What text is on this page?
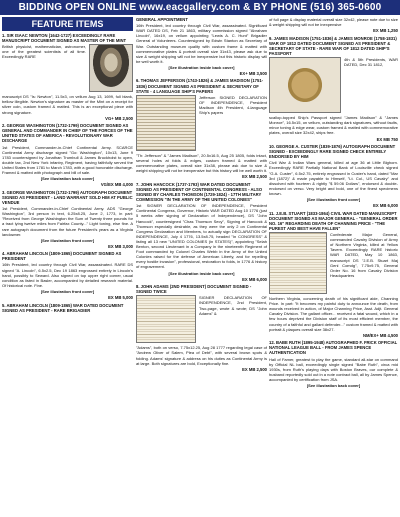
BIDDING OPEN ONLINE www.eacgallery.com & BY PHONE (516) 365-0600
FEATURE ITEMS
1. SIR ISAAC NEWTON (1642-1727) EXCEEDINGLY RARE MANUSCRIPT DOCUMENT SIGNED AS MASTER OF THE MINT
British physicist, mathematician, astronomer, one of the greatest scientists of all time. Exceedingly RARE
manuscript DS "Is: Newton", 11.5x3, on vellum Aug 13, 1699, full blank, bellow illegible. Newton's signature as master of the Mint on a receipt for silver coin, custom framed & matted. This is an exceptional piece with strong signature.
VG+ MB 2,500
2. GEORGE WASHINGTON (1732-1799) DOCUMENT SIGNED AS GENERAL AND COMMANDER IN CHIEF OF THE FORCES OF THE UNITED STATES OF AMERICA - REVOLUTIONARY WAR DISCHARGE
1st President, Commander-in-Chief Continental Army. SCARCE Continental Army discharge signed "Go: Washington", 10x13, June 9 1783 countersigned by Jonathan Trumbull & James Bruckholst to open, double tax, 2nd New York infantry, Regiment, having faithfully served the United States from 1781 to March 1783, with a good honorable discharge. Framed & matted with photograph and bill of sale.
[See illustration back cover]
VG/EX MB 4,000
3. GEORGE WASHINGTON (1732-1799) AUTOGRAPH DOCUMENT SIGNED AS PRESIDENT - LAND WARRANT SOLD HIM AT PUBLIC VENDUE
1st President, Commander-in-Chief Continental Army. ADS "George Washington", 3rd person in text, 6.25x8.25, June 2, 1773, in part: "Received from George Washington the Sum of Twenty three pounds for a tract lying twelve miles from Fairfax County..." Light toning, else fine. A rare autograph document from the future President's years as a Virginia landowner.
[See illustration front cover]
EX MB 3,000
4. ABRAHAM LINCOLN (1809-1865) DOCUMENT SIGNED AS PRESIDENT
16th President, led country through Civil War, assassinated. RARE DS signed "A. Lincoln", 6.5x2.5, Dec 19 1863 engrossed entirely in Lincoln's hand, possibly to Seward. Also signed on top upper right corner, usual condition as listed in Basler, accompanied by detailed research material. Of historical note. Fine.
[See illustration front cover]
EX MB 5,000
5. ABRAHAM LINCOLN (1809-1865) WAR DATED DOCUMENT SIGNED AS PRESIDENT - RARE BRIGADIER
GENERAL APPOINTMENT
16th President, led country through Civil War, assassinated. Significant WAR DATED DS, Feb 21 1863, military commission signed "Abraham Lincoln", 16x19, on vellum appointing "Lewis A. C. Hunt" Brigadier General of Volunteers. Countersigned by Edwin Stanton as Secretary of War. Outstanding museum quality with custom frame & matted with commemorative plates & portrait overall size 31x43, please ask due to size & weight shipping will not be inexpensive but this historic display will be well worth it.
[See illustration inside back cover]
EX+ MB 3,500
6. THOMAS JEFFERSON (1743-1826) & JAMES MADISON (1751-1836) DOCUMENT SIGNED AS PRESIDENT & SECRETARY OF STATE - 4 LANGUAGE SHIP'S PAPERS
Jefferson SIGNED DECLARATION OF INDEPENDENCE, President Madison 4th President, 4-language Ship's papers
"Th: Jefferson" & "James Madison", 20.5x16.5, Aug 25 1805, folds intact, several holes at folds & edges, custom framed & matted with commemorative plates, overall size 31x38, please ask due to size & weight shipping will not be inexpensive but this history will be well worth it.
EX MB 2,500
7. JOHN HANCOCK (1737-1793) WAR DATED DOCUMENT SIGNED AS PRESIDENT OF CONTINENTAL CONGRESS - ALSO SIGNED BY CHARLES THOMSON (1729-1824) - 17TH MILITARY COMMISSION "IN THE ARMY OF THE UNITED COLONIES"
1st SIGNER DECLARATION OF INDEPENDENCE, President Continental Congress, Governor, Historic WAR DATED Aug 10 1776 (just 5 weeks after signing of Declaration of Independence), DS "John Hancock", countersigned "Chas Thomson Secy", Signing of Hancock & Thomson especially desirable, as they were the only 2 on Continental Congress Declaration and Members, to actually sign DECLARATION OF INDEPENDENCE, July 4 1776, 13.5x8.75, headed "In CONGRESS" & listing all 13 new "UNITED COLONIES (in STATES)", appointing "Selah Benton, second Lieutenant in a Company in the nineteenth Regiment of Foot commanded by Colonel Charles Webb in the Army of the United Colonies raised for the defense of American Liberty, and for repelling every hostile invasion", professional, restoration to folds, in 1776 & history of engravement.
[See illustration inside back cover]
EX MB 6,000
8. JOHN ADAMS (2ND PRESIDENT) DOCUMENT SIGNED - SIGNED TWICE
SIGNER DECLARATION OF INDEPENDENCE, 2nd President, Two-page, wrote & wrote; DS "John Adams" &
"Adams", both on verso, 7.75x12.25, Aug 28 1777 regarding legal case of "Andrew Oliver of Salem, Plea of Debt", with several brown spots & folding. Adams' signature & address on his duties as Continental Army is at large. Both signatures are bold, Exceptionally fine.
EX MB 2,500
of full page & display material overall size 32x42, please note due to size & weight shipping will not be inexpensive
EX MB 1,250
9. JAMES MADISON (1751-1836) & JAMES MONROE (1758-1831) WAR OF 1812 DATED DOCUMENT SIGNED AS PRESIDENT & SECRETARY OF STATE - RARE WAR OF 1812 DATED SHIP'S PASSPORT
4th & 5th Presidents, WAR DATED, Dec 31 1812,
scallop-topped Ship's Passport signed "James Madison" & "James Monroe", 16.5x15, on vellum, outstanding dark signatures, without faults, minor toning & edge wear, custom framed & matted with commemorative plates, overall size 32x42, ships free.
EX MB 750
10. GEORGE A. CUSTER (1839-1876) AUTOGRAPH DOCUMENT SIGNED - EXCEEDINGLY RARE SIGNED CHECK ENTIRELY ENDORSED BY HIM
Civil War & Indian Wars general, killed at age 36 at Little Bighorn. Exceedingly RARE Partially National Bank of Louisville check signed "G.A. Custer", 6.5x2.75, entirely engrossed in Custer's hand, dated "Mar 3rd (1872)" & made payable to Himself, "Lt. Col., US Cavalry" and dissolved with fourteen & rightly "$ 59.06 Dollars", endorsed & double-endorsed on verso. Very bright and bold, one of the finest specimens known.
[See illustration front cover]
EX MB 6,000
11. J.E.B. STUART (1833-1864) CIVIL WAR DATED MANUSCRIPT DOCUMENT SIGNED AS MAJOR GENERAL - "GENERAL ORDER NO. 16" REGARDING DEATH OF CHANNING PRICE - "THE PUREST AND BEST HAVE FALLEN"
Confederate Major General, commanded Cavalry Division of Army of Northern Virginia, killed at Yellow Tavern. Exceedingly RARE historic WAR DATED, May 10 1863, manuscript DS "J.E.B. Stuart Maj Genl Comdg", 7.75x9.75, General Order No. 16 from Cavalry Division Headquarters
Northern Virginia, concerning death of his significant aide, Channing Price. In part: "It becomes my painful duty to announce the death, from wounds received in action, of Major Channing Price, Asst. Adjt. General Cavalry Division. The gallant officer... received a fatal wound, which in a few hours deprived the Division staff of its most efficient member, the country of a faithful and gallant defender..." custom framed & matted with portrait & plaques overall size 38x27.
NM/EX+ MB 4,500
12. BABE RUTH (1895-1948) AUTOGRAPHED F. FRICK OFFICIAL NATIONAL LEAGUE BALL - FROM JAMES SPENCE AUTHENTICATION
Hall of Famer, greatest to play the game, standard all-star on command by Official NL ball, exceedingly single signed "Babe Ruth", circa mid 1930s, from Ruth's playing days with Boston Braves, our complete & husband reportedly sold out in a note contract ball, all by James Spence, accompanied by certification from JSA.
[See illustration back cover]
